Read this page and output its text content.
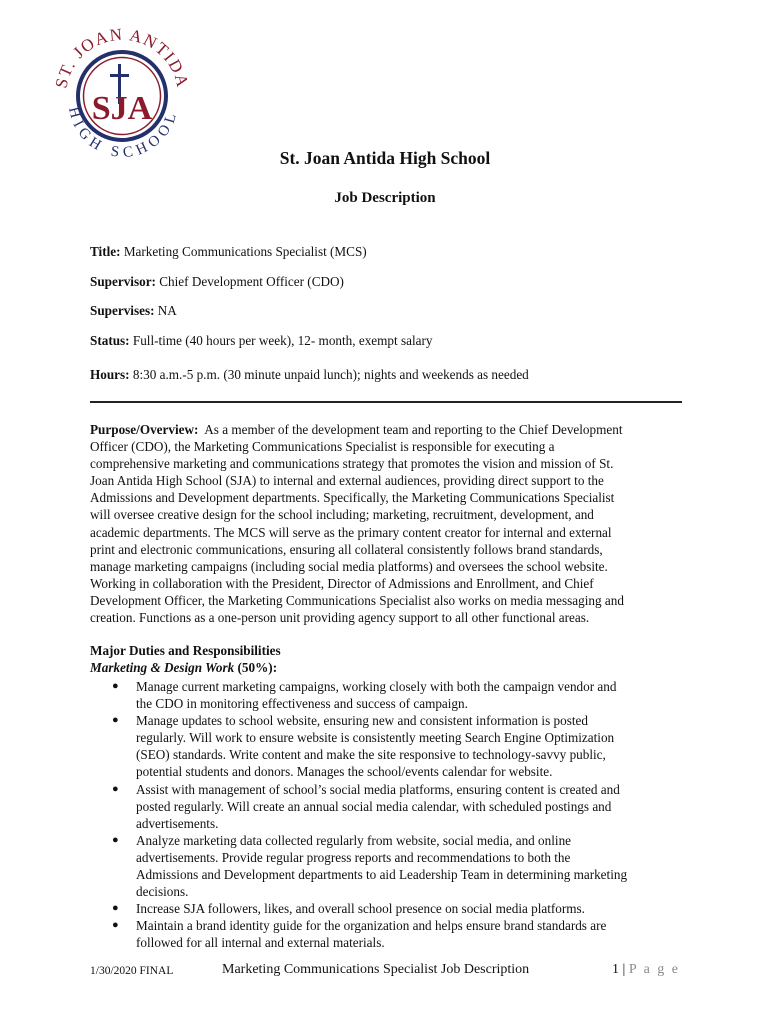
ST. JOAN ANTIDA
HIGH SCHOOL
SJA
St. Joan Antida High School
Job Description
Title: Marketing Communications Specialist (MCS)
Supervisor: Chief Development Officer (CDO)
Supervises: NA
Status: Full-time (40 hours per week), 12- month, exempt salary
Hours: 8:30 a.m.-5 p.m. (30 minute unpaid lunch); nights and weekends as needed
Purpose/Overview: As a member of the development team and reporting to the Chief Development
Officer (CDO), the Marketing Communications Specialist is responsible for executing a
comprehensive marketing and communications strategy that promotes the vision and mission of St.
Joan Antida High School (SJA) to internal and external audiences, providing direct support to the
Admissions and Development departments. Specifically, the Marketing Communications Specialist
will oversee creative design for the school including; marketing, recruitment, development, and
academic departments. The MCS will serve as the primary content creator for internal and external
print and electronic communications, ensuring all collateral consistently follows brand standards,
manage marketing campaigns (including social media platforms) and oversees the school website.
Working in collaboration with the President, Director of Admissions and Enrollment, and Chief
Development Officer, the Marketing Communications Specialist also works on media messaging and
creation. Functions as a one-person unit providing agency support to all other functional areas.
Major Duties and Responsibilities
Marketing & Design Work (50%):
● Manage current marketing campaigns, working closely with both the campaign vendor and
the CDO in monitoring effectiveness and success of campaign.
● Manage updates to school website, ensuring new and consistent information is posted
regularly. Will work to ensure website is consistently meeting Search Engine Optimization
(SEO) standards. Write content and make the site responsive to technology-savvy public,
potential students and donors. Manages the school/events calendar for website.
● Assist with management of school’s social media platforms, ensuring content is created and
posted regularly. Will create an annual social media calendar, with scheduled postings and
advertisements.
● Analyze marketing data collected regularly from website, social media, and online
advertisements. Provide regular progress reports and recommendations to both the
Admissions and Development departments to aid Leadership Team in determining marketing
decisions.
● Increase SJA followers, likes, and overall school presence on social media platforms.
● Maintain a brand identity guide for the organization and helps ensure brand standards are
followed for all internal and external materials.
1/30/2020 FINAL	Marketing Communications Specialist Job Description	1 | P a g e
